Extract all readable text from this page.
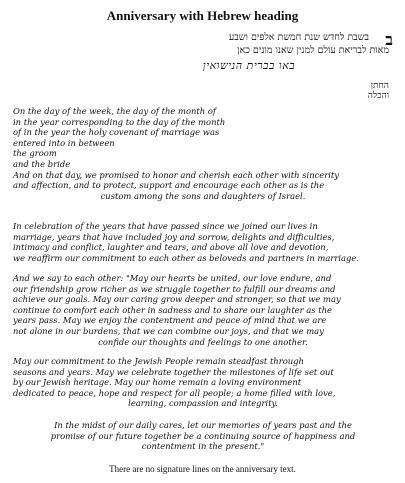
Anniversary with Hebrew heading
ב
בשבת לחדש שנת חמשת אלפים ושבע
מאות לבריאת עולם למנין שאנו מונים כאן
באו בברית הנישואין
החתן
והכלה
On the day of the week, the day of the month of
in the year corresponding to the day of the month
of in the year the holy covenant of marriage was
entered into in between
the groom
and the bride
And on that day, we promised to honor and cherish each other with sincerity
and affection, and to protect, support and encourage each other as is the
custom among the sons and daughters of Israel.
In celebration of the years that have passed since we joined our lives in
marriage, years that have included joy and sorrow, delights and difficulties,
intimacy and conflict, laughter and tears, and above all love and devotion,
we reaffirm our commitment to each other as beloveds and partners in marriage.
And we say to each other: "May our hearts be united, our love endure, and
our friendship grow richer as we struggle together to fulfill our dreams and
achieve our goals. May our caring grow deeper and stronger, so that we may
continue to comfort each other in sadness and to share our laughter as the
years pass. May we enjoy the contentment and peace of mind that we are
not alone in our burdens, that we can combine our joys, and that we may
confide our thoughts and feelings to one another.
May our commitment to the Jewish People remain steadfast through
seasons and years. May we celebrate together the milestones of life set out
by our Jewish heritage. May our home remain a loving environment
dedicated to peace, hope and respect for all people; a home filled with love,
learning, compassion and integrity.
In the midst of our daily cares, let our memories of years past and the
promise of our future together be a continuing source of happiness and
contentment in the present."
There are no signature lines on the anniversary text.
